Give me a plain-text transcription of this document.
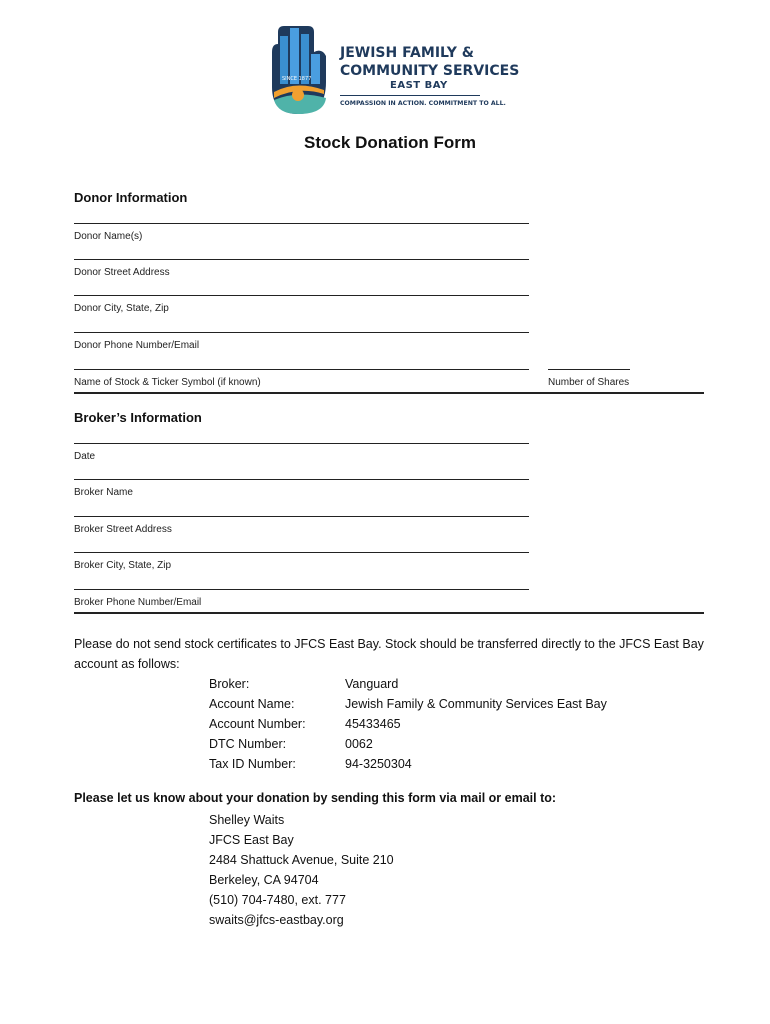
SINCE 1877
JEWISH FAMILY &
COMMUNITY SERVICES
EAST BAY
COMPASSION IN ACTION. COMMITMENT TO ALL.
Stock Donation Form
Donor Information
Donor Name(s)
Donor Street Address
Donor City, State, Zip
Donor Phone Number/Email
Name of Stock & Ticker Symbol (if known)	Number of Shares
Broker’s Information
Date
Broker Name
Broker Street Address
Broker City, State, Zip
Broker Phone Number/Email
Please do not send stock certificates to JFCS East Bay. Stock should be transferred directly to the JFCS East Bay account as follows:
Broker:	Vanguard
Account Name:	Jewish Family & Community Services East Bay
Account Number:	45433465
DTC Number:	0062
Tax ID Number:	94-3250304
Please let us know about your donation by sending this form via mail or email to:
Shelley Waits
JFCS East Bay
2484 Shattuck Avenue, Suite 210
Berkeley, CA 94704
(510) 704-7480, ext. 777
swaits@jfcs-eastbay.org
